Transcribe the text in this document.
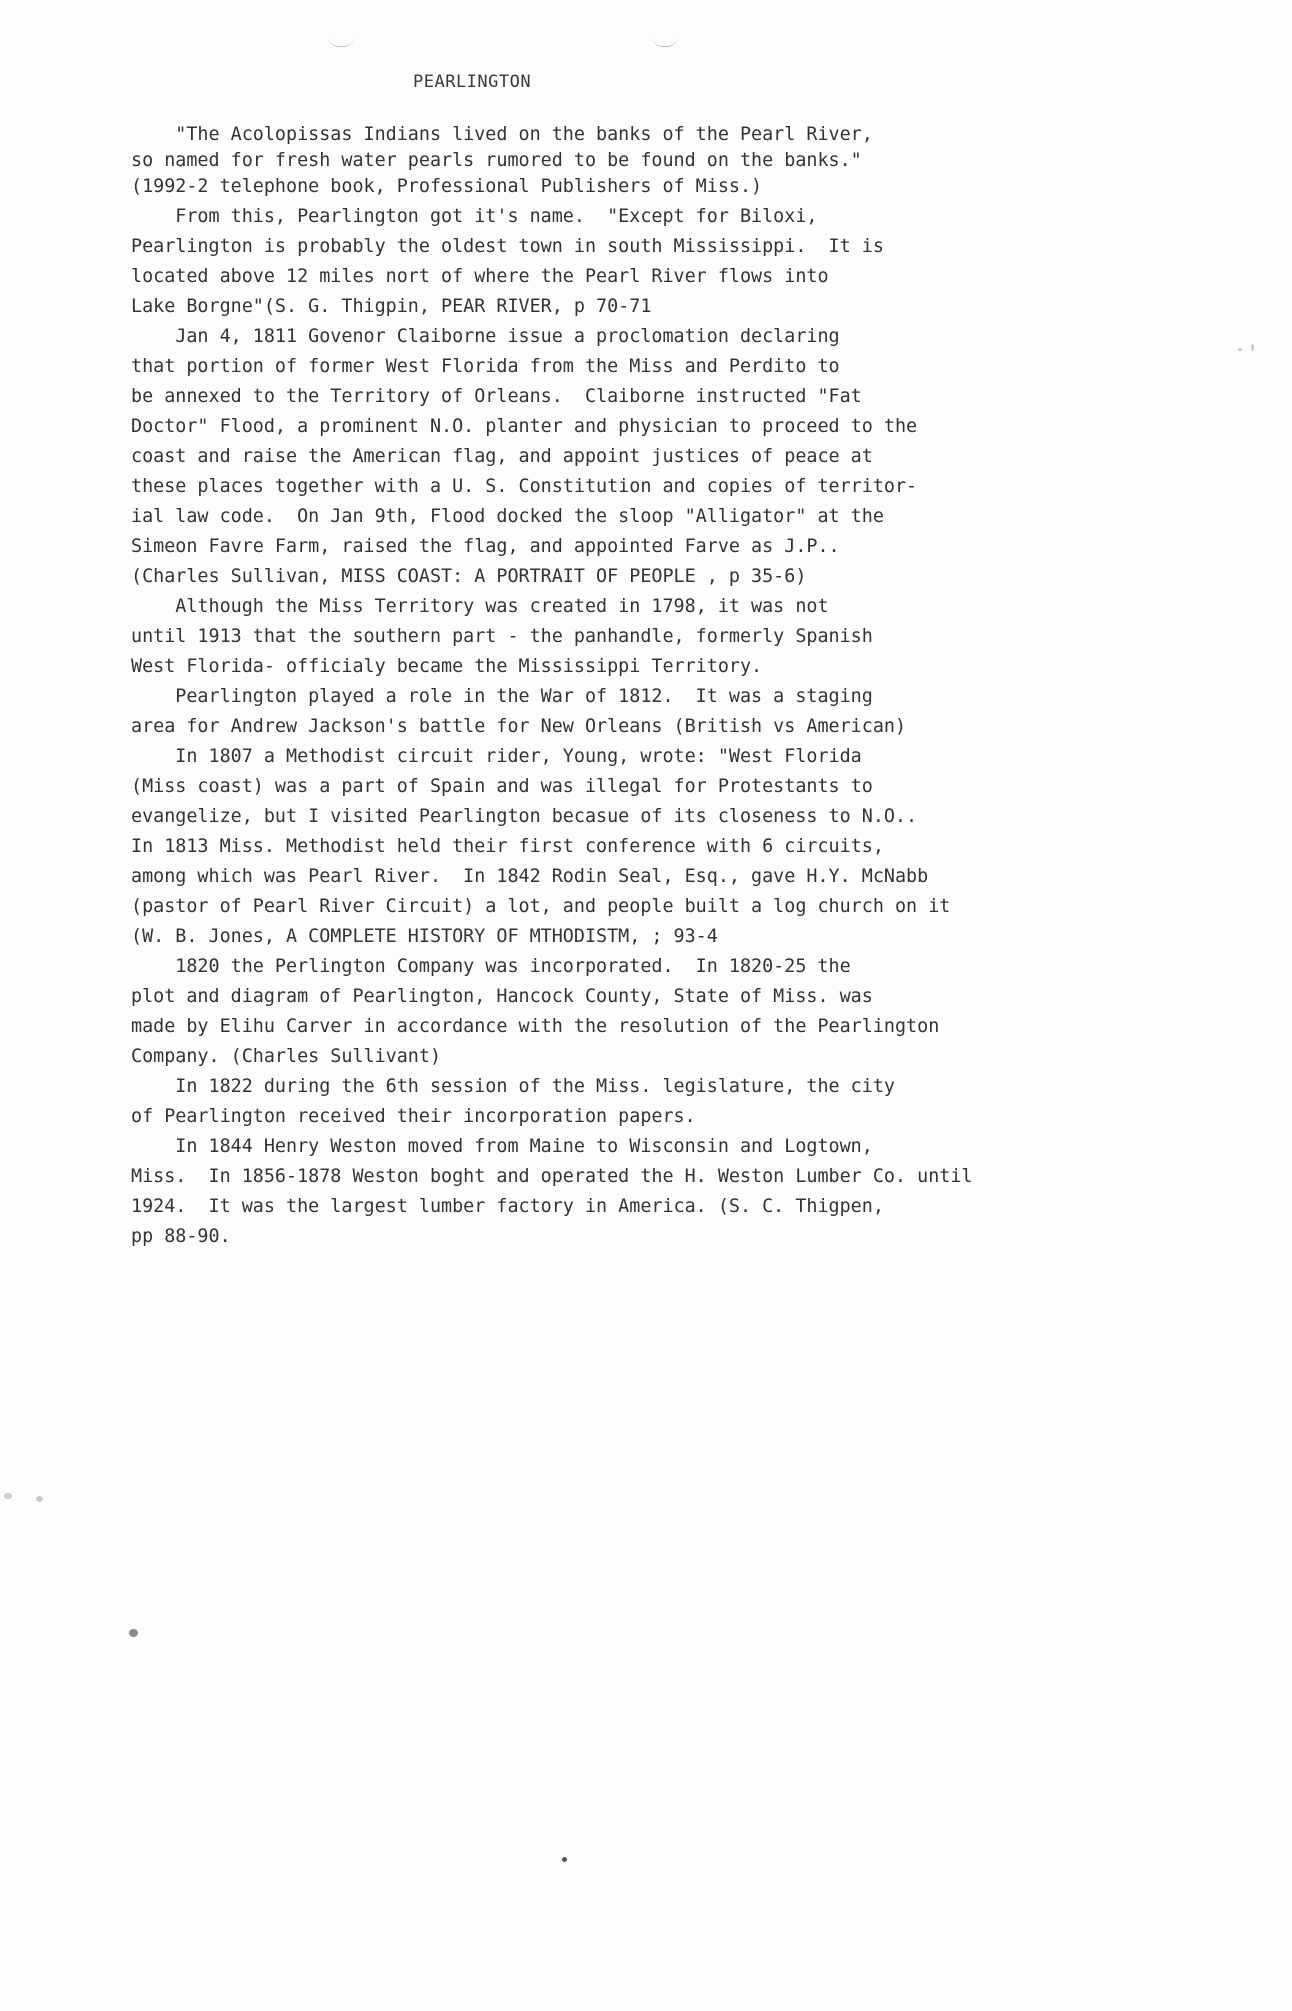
PEARLINGTON
"The Acolopissas Indians lived on the banks of the Pearl River,
so named for fresh water pearls rumored to be found on the banks."
(1992-2 telephone book, Professional Publishers of Miss.)
From this, Pearlington got it's name.  "Except for Biloxi,
Pearlington is probably the oldest town in south Mississippi.  It is
located above 12 miles nort of where the Pearl River flows into
Lake Borgne"(S. G. Thigpin, PEAR RIVER, p 70-71
Jan 4, 1811 Govenor Claiborne issue a proclomation declaring
that portion of former West Florida from the Miss and Perdito to
be annexed to the Territory of Orleans.  Claiborne instructed "Fat
Doctor" Flood, a prominent N.O. planter and physician to proceed to the
coast and raise the American flag, and appoint justices of peace at
these places together with a U. S. Constitution and copies of territor-
ial law code.  On Jan 9th, Flood docked the sloop "Alligator" at the
Simeon Favre Farm, raised the flag, and appointed Farve as J.P..
(Charles Sullivan, MISS COAST: A PORTRAIT OF PEOPLE , p 35-6)
Although the Miss Territory was created in 1798, it was not
until 1913 that the southern part - the panhandle, formerly Spanish
West Florida- officialy became the Mississippi Territory.
Pearlington played a role in the War of 1812.  It was a staging
area for Andrew Jackson's battle for New Orleans (British vs American)
In 1807 a Methodist circuit rider, Young, wrote: "West Florida
(Miss coast) was a part of Spain and was illegal for Protestants to
evangelize, but I visited Pearlington becasue of its closeness to N.O..
In 1813 Miss. Methodist held their first conference with 6 circuits,
among which was Pearl River.  In 1842 Rodin Seal, Esq., gave H.Y. McNabb
(pastor of Pearl River Circuit) a lot, and people built a log church on it
(W. B. Jones, A COMPLETE HISTORY OF MTHODISTM, ; 93-4
1820 the Perlington Company was incorporated.  In 1820-25 the
plot and diagram of Pearlington, Hancock County, State of Miss. was
made by Elihu Carver in accordance with the resolution of the Pearlington
Company. (Charles Sullivant)
In 1822 during the 6th session of the Miss. legislature, the city
of Pearlington received their incorporation papers.
In 1844 Henry Weston moved from Maine to Wisconsin and Logtown,
Miss.  In 1856-1878 Weston boght and operated the H. Weston Lumber Co. until
1924.  It was the largest lumber factory in America. (S. C. Thigpen,
pp 88-90.
